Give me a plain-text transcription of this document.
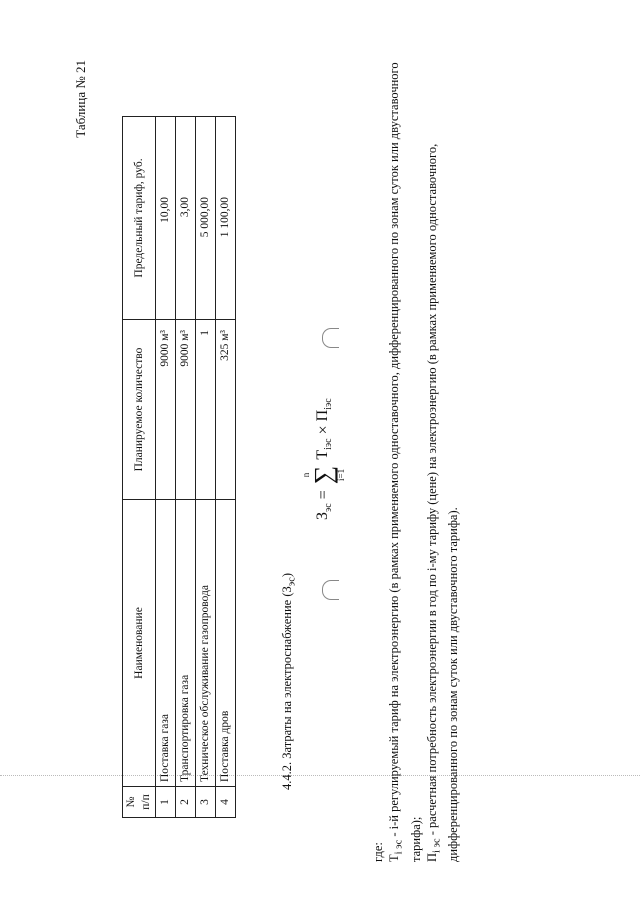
Таблица № 21
№ п/п	Наименование	Планируемое количество	Предельный тариф, руб.
1	Поставка газа	9000 м³	10,00
2	Транспортировка газа	9000 м³	3,00
3	Техническое обслуживание газопровода	1	5 000,00
4	Поставка дров	325 м³	1 100,00
4.4.2. Затраты на электроснабжение $(З_{эс})$
$З_{эс}$
=
n
∑
i=1
$Т_{iэс}$
×
$П_{iэс}$

где: $Т_{i эс} - i-й$ регулируемый тариф на электроэнергию (в рамках применяемого одноставочного, дифференцированного по зонам суток или двуставочного тарифа); $П_{i эс}$ - расчетная потребность электроэнергии в год по i-му тарифу (цене) на электроэнергию (в рамках применяемого одноставочного, дифференцированного по зонам суток или двуставочного тарифа).
